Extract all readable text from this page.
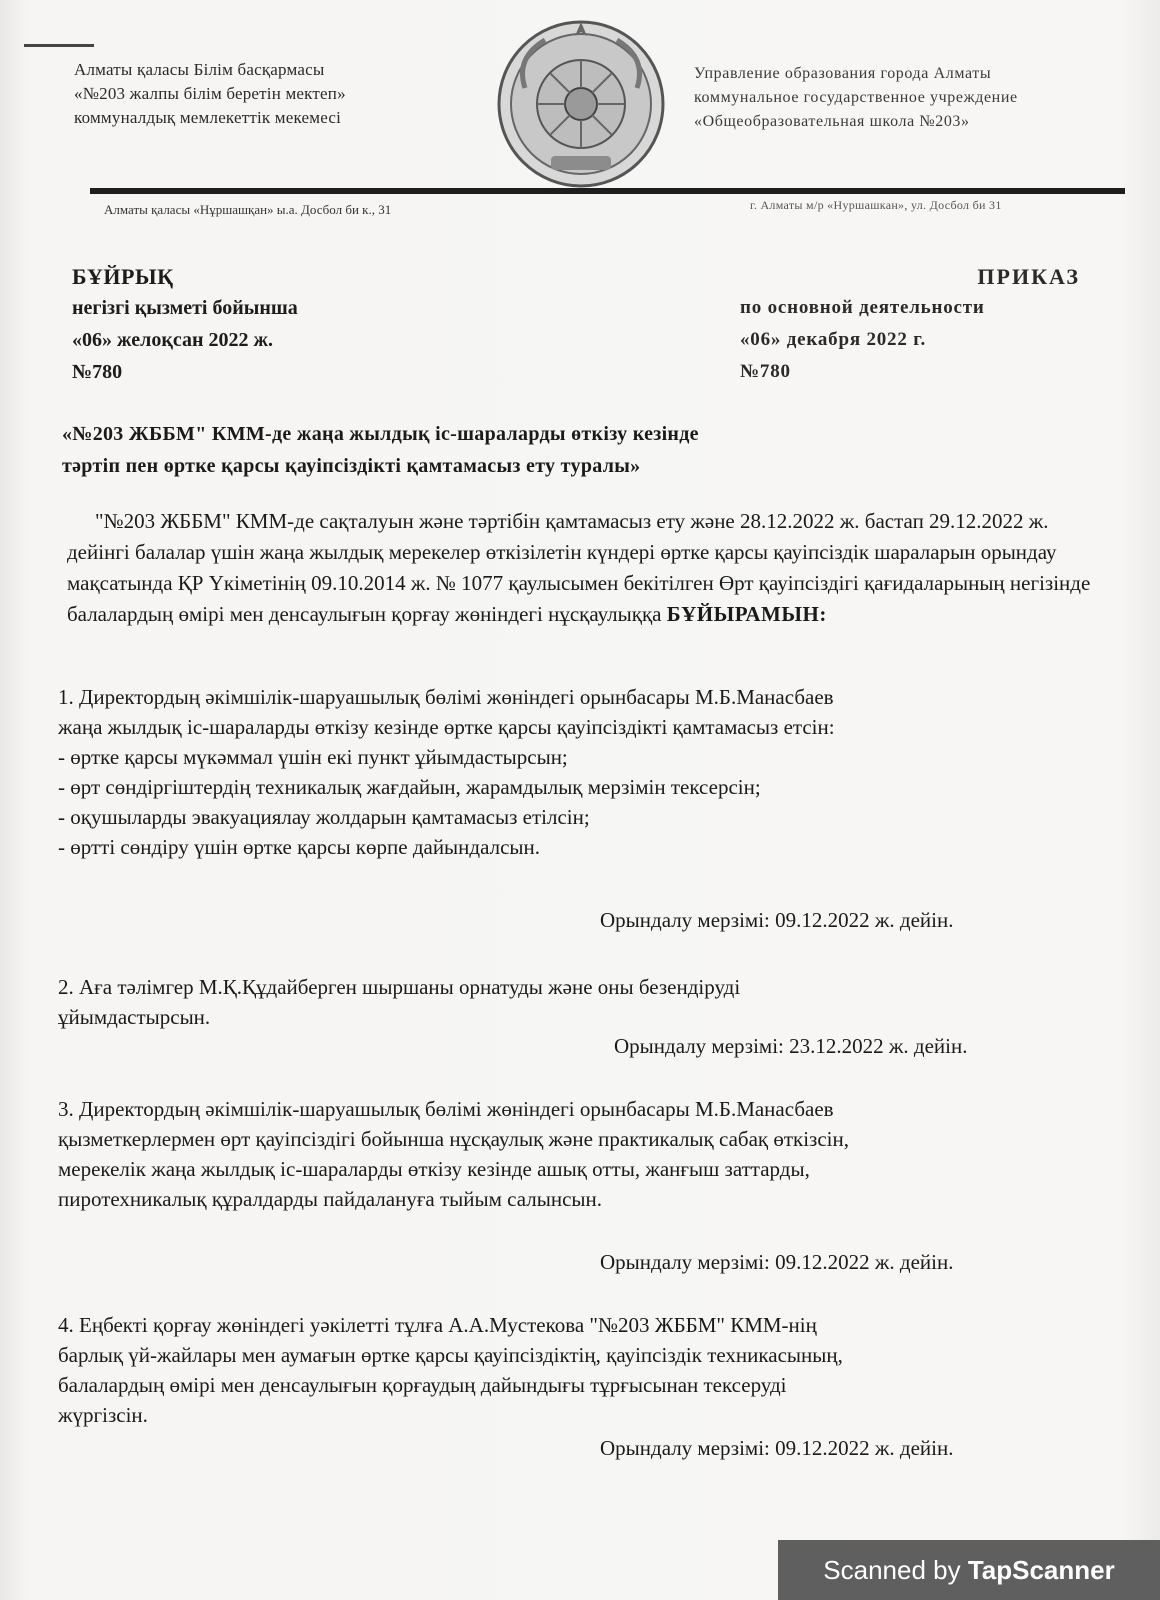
Алматы қаласы Білім басқармасы
«№203 жалпы білім беретін мектеп»
коммуналдық мемлекеттік мекемесі
Управление образования города Алматы
коммунальное государственное учреждение
«Общеобразовательная школа №203»
Алматы қаласы «Нұршашқан» ы.а. Досбол би к., 31	г. Алматы м/р «Нуршашкан», ул. Досбол би 31
БҰЙРЫҚ
негізгі қызметі бойынша
«06» желоқсан 2022 ж.
№780
ПРИКАЗ
по основной деятельности
«06» декабря 2022 г.
№780
«№203 ЖББМ" КММ-де жаңа жылдық іс-шараларды өткізу кезінде
тәртіп пен өртке қарсы қауіпсіздікті қамтамасыз ету туралы»
"№203 ЖББМ" КММ-де сақталуын және тәртібін қамтамасыз ету және 28.12.2022 ж. бастап 29.12.2022 ж. дейінгі балалар үшін жаңа жылдық мерекелер өткізілетін күндері өртке қарсы қауіпсіздік шараларын орындау мақсатында ҚР Үкіметінің 09.10.2014 ж. № 1077 қаулысымен бекітілген Өрт қауіпсіздігі қағидаларының негізінде балалардың өмірі мен денсаулығын қорғау жөніндегі нұсқаулыққа БҰЙЫРАМЫН:

1. Директордың әкімшілік-шаруашылық бөлімі жөніндегі орынбасары М.Б.Манасбаев

жаңа жылдық іс-шараларды өткізу кезінде өртке қарсы қауіпсіздікті қамтамасыз етсін:

- өртке қарсы мүкәммал үшін екі пункт ұйымдастырсын;

- өрт сөндіргіштердің техникалық жағдайын, жарамдылық мерзімін тексерсін;

- оқушыларды эвакуациялау жолдарын қамтамасыз етілсін;

- өртті сөндіру үшін өртке қарсы көрпе дайындалсын.

Орындалу мерзімі: 09.12.2022 ж. дейін.

2. Аға тәлімгер М.Қ.Құдайберген шыршаны орнатуды және оны безендіруді

ұйымдастырсын.

Орындалу мерзімі: 23.12.2022 ж. дейін.

3. Директордың әкімшілік-шаруашылық бөлімі жөніндегі орынбасары М.Б.Манасбаев

қызметкерлермен өрт қауіпсіздігі бойынша нұсқаулық және практикалық сабақ өткізсін,

мерекелік жаңа жылдық іс-шараларды өткізу кезінде ашық отты, жанғыш заттарды,

пиротехникалық құралдарды пайдалануға тыйым салынсын.

Орындалу мерзімі: 09.12.2022 ж. дейін.

4. Еңбекті қорғау жөніндегі уәкілетті тұлға А.А.Мустекова "№203 ЖББМ" КММ-нің

барлық үй-жайлары мен аумағын өртке қарсы қауіпсіздіктің, қауіпсіздік техникасының,

балалардың өмірі мен денсаулығын қорғаудың дайындығы тұрғысынан тексеруді

жүргізсін.

Орындалу мерзімі: 09.12.2022 ж. дейін.
Scanned by TapScanner
